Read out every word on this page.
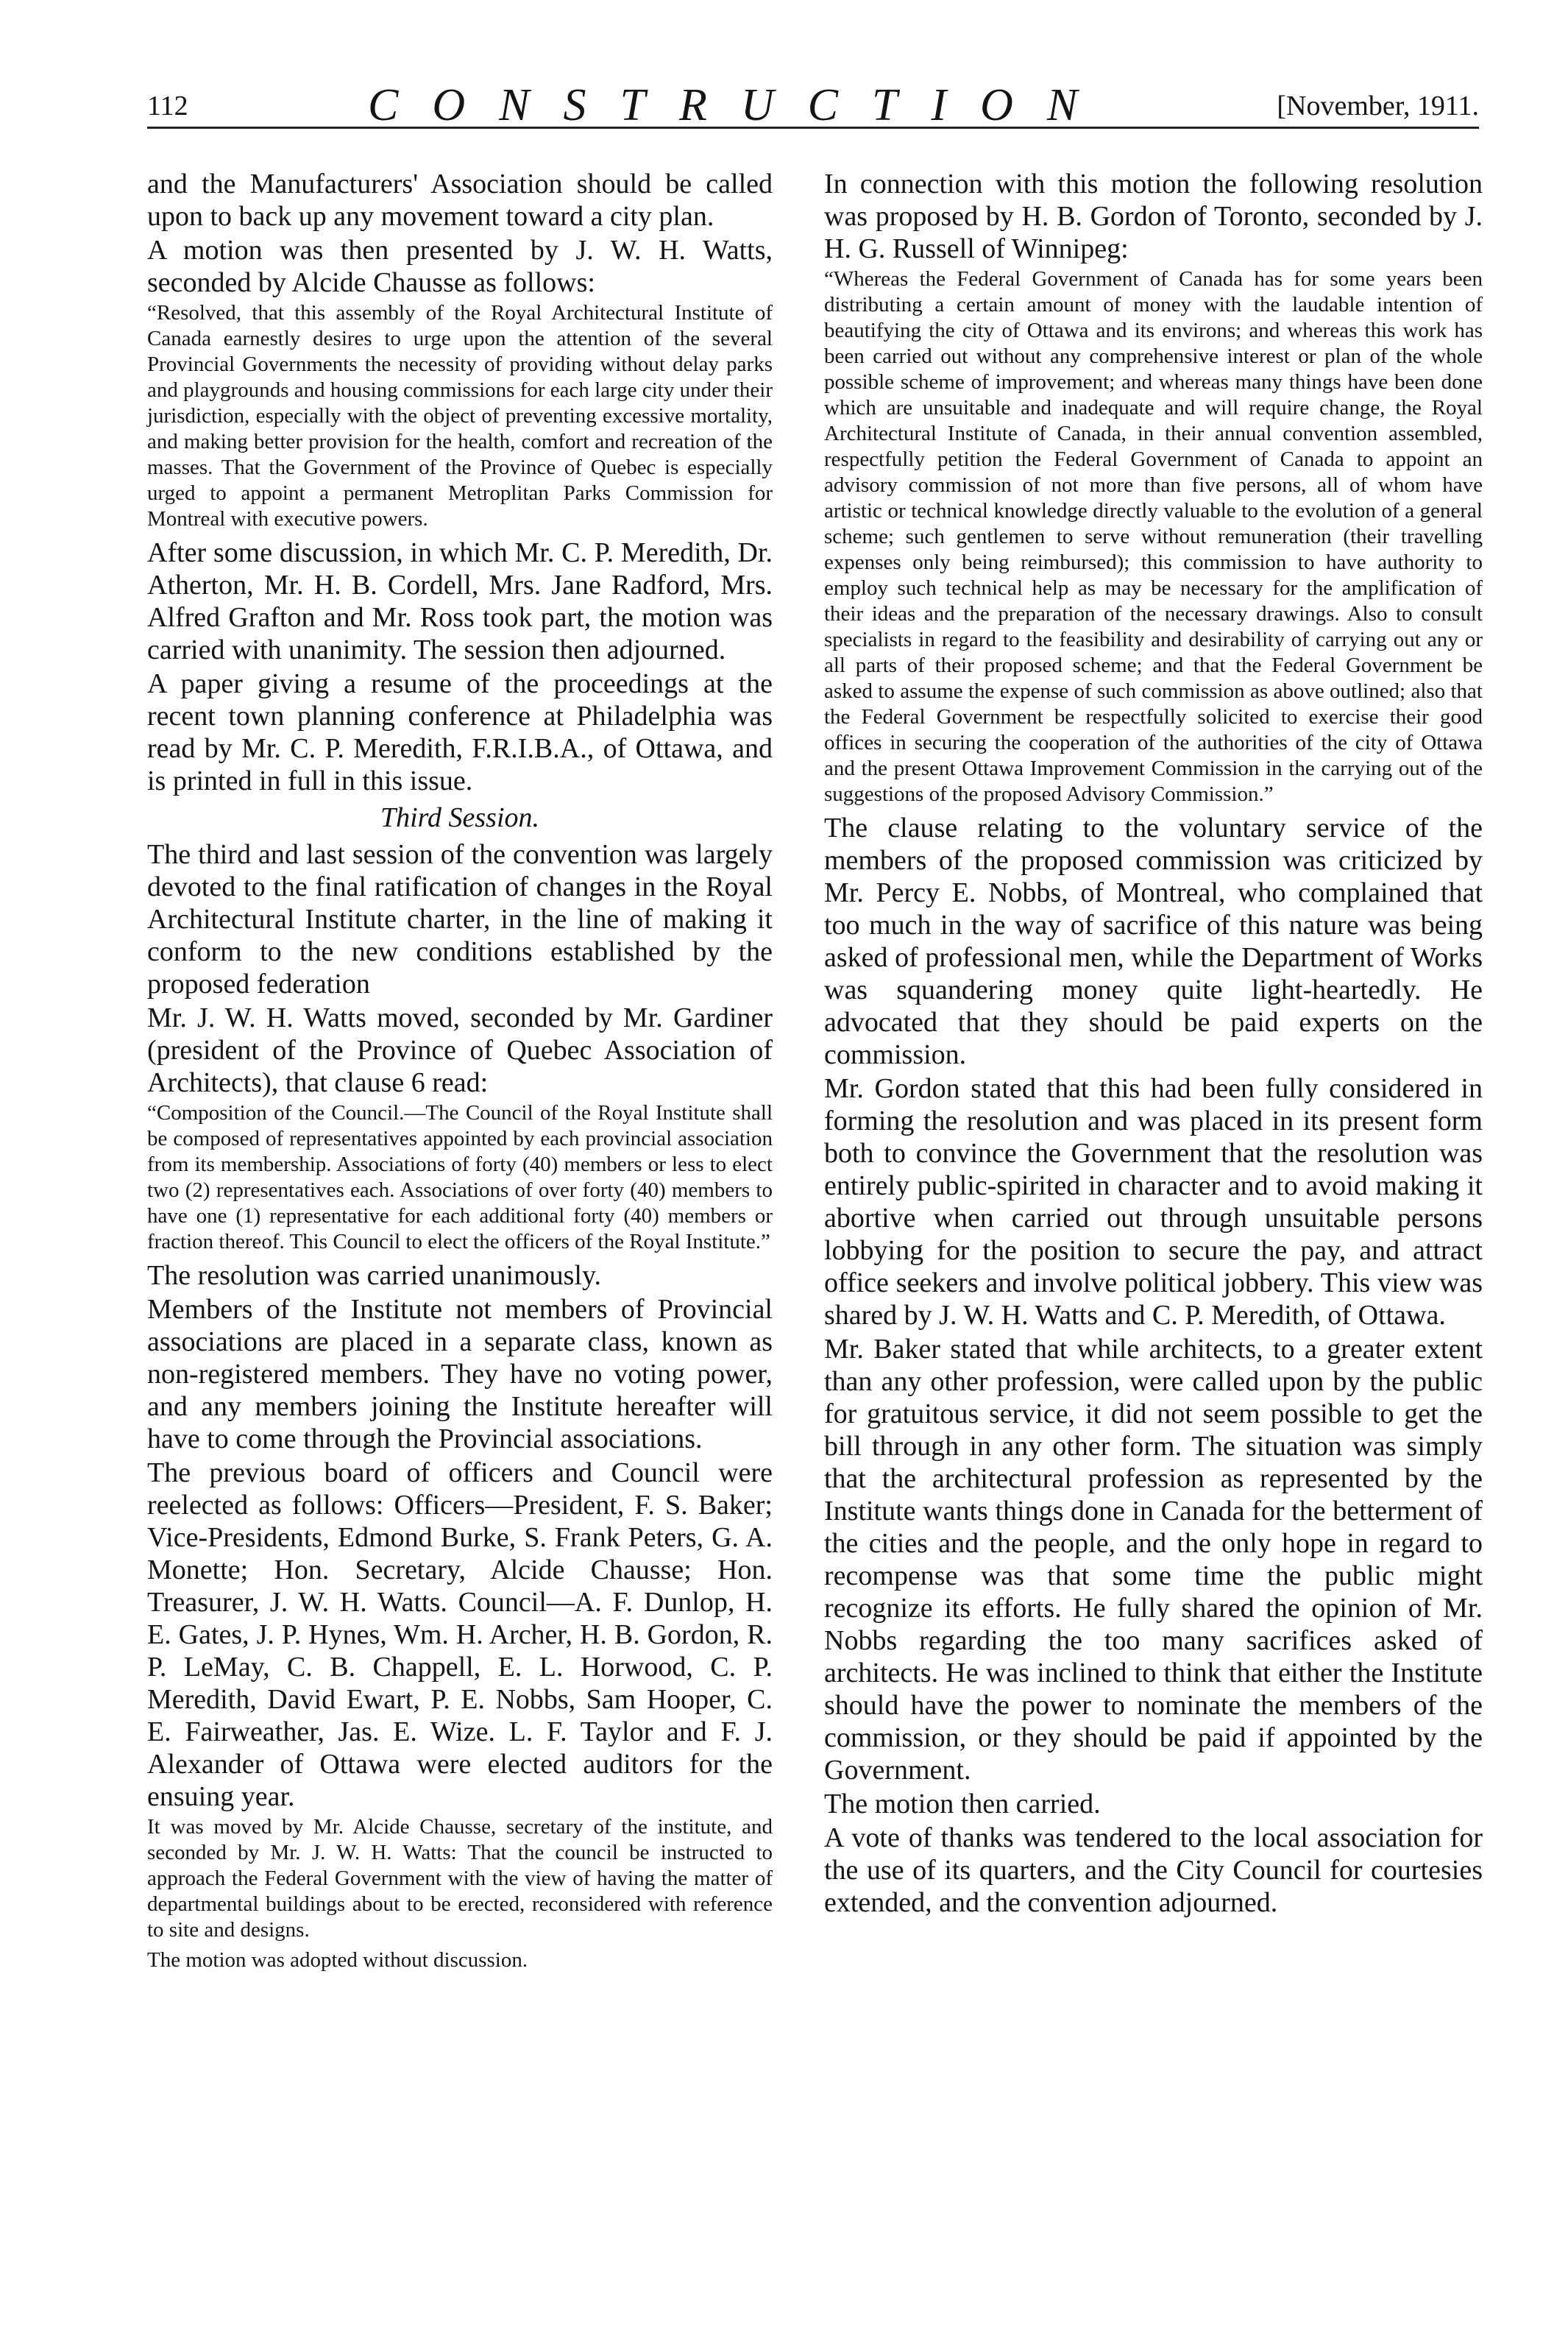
112	CONSTRUCTION	[November, 1911.

and the Manufacturers' Association should be called upon to back up any movement toward a city plan.

A motion was then presented by J. W. H. Watts, seconded by Alcide Chausse as follows:

“Resolved, that this assembly of the Royal Architectural Institute of Canada earnestly desires to urge upon the attention of the several Provincial Governments the necessity of providing without delay parks and playgrounds and housing commissions for each large city under their jurisdiction, especially with the object of preventing excessive mortality, and making better provision for the health, comfort and recreation of the masses. That the Government of the Province of Quebec is especially urged to appoint a permanent Metroplitan Parks Commission for Montreal with executive powers.

After some discussion, in which Mr. C. P. Meredith, Dr. Atherton, Mr. H. B. Cordell, Mrs. Jane Radford, Mrs. Alfred Grafton and Mr. Ross took part, the motion was carried with unanimity. The session then adjourned.

A paper giving a resume of the proceedings at the recent town planning conference at Philadelphia was read by Mr. C. P. Meredith, F.R.I.B.A., of Ottawa, and is printed in full in this issue.

Third Session.

The third and last session of the convention was largely devoted to the final ratification of changes in the Royal Architectural Institute charter, in the line of making it conform to the new conditions established by the proposed federation

Mr. J. W. H. Watts moved, seconded by Mr. Gardiner (president of the Province of Quebec Association of Architects), that clause 6 read:

“Composition of the Council.—The Council of the Royal Institute shall be composed of representatives appointed by each provincial association from its membership. Associations of forty (40) members or less to elect two (2) representatives each. Associations of over forty (40) members to have one (1) representative for each additional forty (40) members or fraction thereof. This Council to elect the officers of the Royal Institute.”

The resolution was carried unanimously.

Members of the Institute not members of Provincial associations are placed in a separate class, known as non-registered members. They have no voting power, and any members joining the Institute hereafter will have to come through the Provincial associations.

The previous board of officers and Council were reelected as follows: Officers—President, F. S. Baker; Vice-Presidents, Edmond Burke, S. Frank Peters, G. A. Monette; Hon. Secretary, Alcide Chausse; Hon. Treasurer, J. W. H. Watts. Council—A. F. Dunlop, H. E. Gates, J. P. Hynes, Wm. H. Archer, H. B. Gordon, R. P. LeMay, C. B. Chappell, E. L. Horwood, C. P. Meredith, David Ewart, P. E. Nobbs, Sam Hooper, C. E. Fairweather, Jas. E. Wize. L. F. Taylor and F. J. Alexander of Ottawa were elected auditors for the ensuing year.

It was moved by Mr. Alcide Chausse, secretary of the institute, and seconded by Mr. J. W. H. Watts: That the council be instructed to approach the Federal Government with the view of having the matter of departmental buildings about to be erected, reconsidered with reference to site and designs.

The motion was adopted without discussion.

In connection with this motion the following resolution was proposed by H. B. Gordon of Toronto, seconded by J. H. G. Russell of Winnipeg:

“Whereas the Federal Government of Canada has for some years been distributing a certain amount of money with the laudable intention of beautifying the city of Ottawa and its environs; and whereas this work has been carried out without any comprehensive interest or plan of the whole possible scheme of improvement; and whereas many things have been done which are unsuitable and inadequate and will require change, the Royal Architectural Institute of Canada, in their annual convention assembled, respectfully petition the Federal Government of Canada to appoint an advisory commission of not more than five persons, all of whom have artistic or technical knowledge directly valuable to the evolution of a general scheme; such gentlemen to serve without remuneration (their travelling expenses only being reimbursed); this commission to have authority to employ such technical help as may be necessary for the amplification of their ideas and the preparation of the necessary drawings. Also to consult specialists in regard to the feasibility and desirability of carrying out any or all parts of their proposed scheme; and that the Federal Government be asked to assume the expense of such commission as above outlined; also that the Federal Government be respectfully solicited to exercise their good offices in securing the cooperation of the authorities of the city of Ottawa and the present Ottawa Improvement Commission in the carrying out of the suggestions of the proposed Advisory Commission.”

The clause relating to the voluntary service of the members of the proposed commission was criticized by Mr. Percy E. Nobbs, of Montreal, who complained that too much in the way of sacrifice of this nature was being asked of professional men, while the Department of Works was squandering money quite light-heartedly. He advocated that they should be paid experts on the commission.

Mr. Gordon stated that this had been fully considered in forming the resolution and was placed in its present form both to convince the Government that the resolution was entirely public-spirited in character and to avoid making it abortive when carried out through unsuitable persons lobbying for the position to secure the pay, and attract office seekers and involve political jobbery. This view was shared by J. W. H. Watts and C. P. Meredith, of Ottawa.

Mr. Baker stated that while architects, to a greater extent than any other profession, were called upon by the public for gratuitous service, it did not seem possible to get the bill through in any other form. The situation was simply that the architectural profession as represented by the Institute wants things done in Canada for the betterment of the cities and the people, and the only hope in regard to recompense was that some time the public might recognize its efforts. He fully shared the opinion of Mr. Nobbs regarding the too many sacrifices asked of architects. He was inclined to think that either the Institute should have the power to nominate the members of the commission, or they should be paid if appointed by the Government.

The motion then carried.

A vote of thanks was tendered to the local association for the use of its quarters, and the City Council for courtesies extended, and the convention adjourned.
